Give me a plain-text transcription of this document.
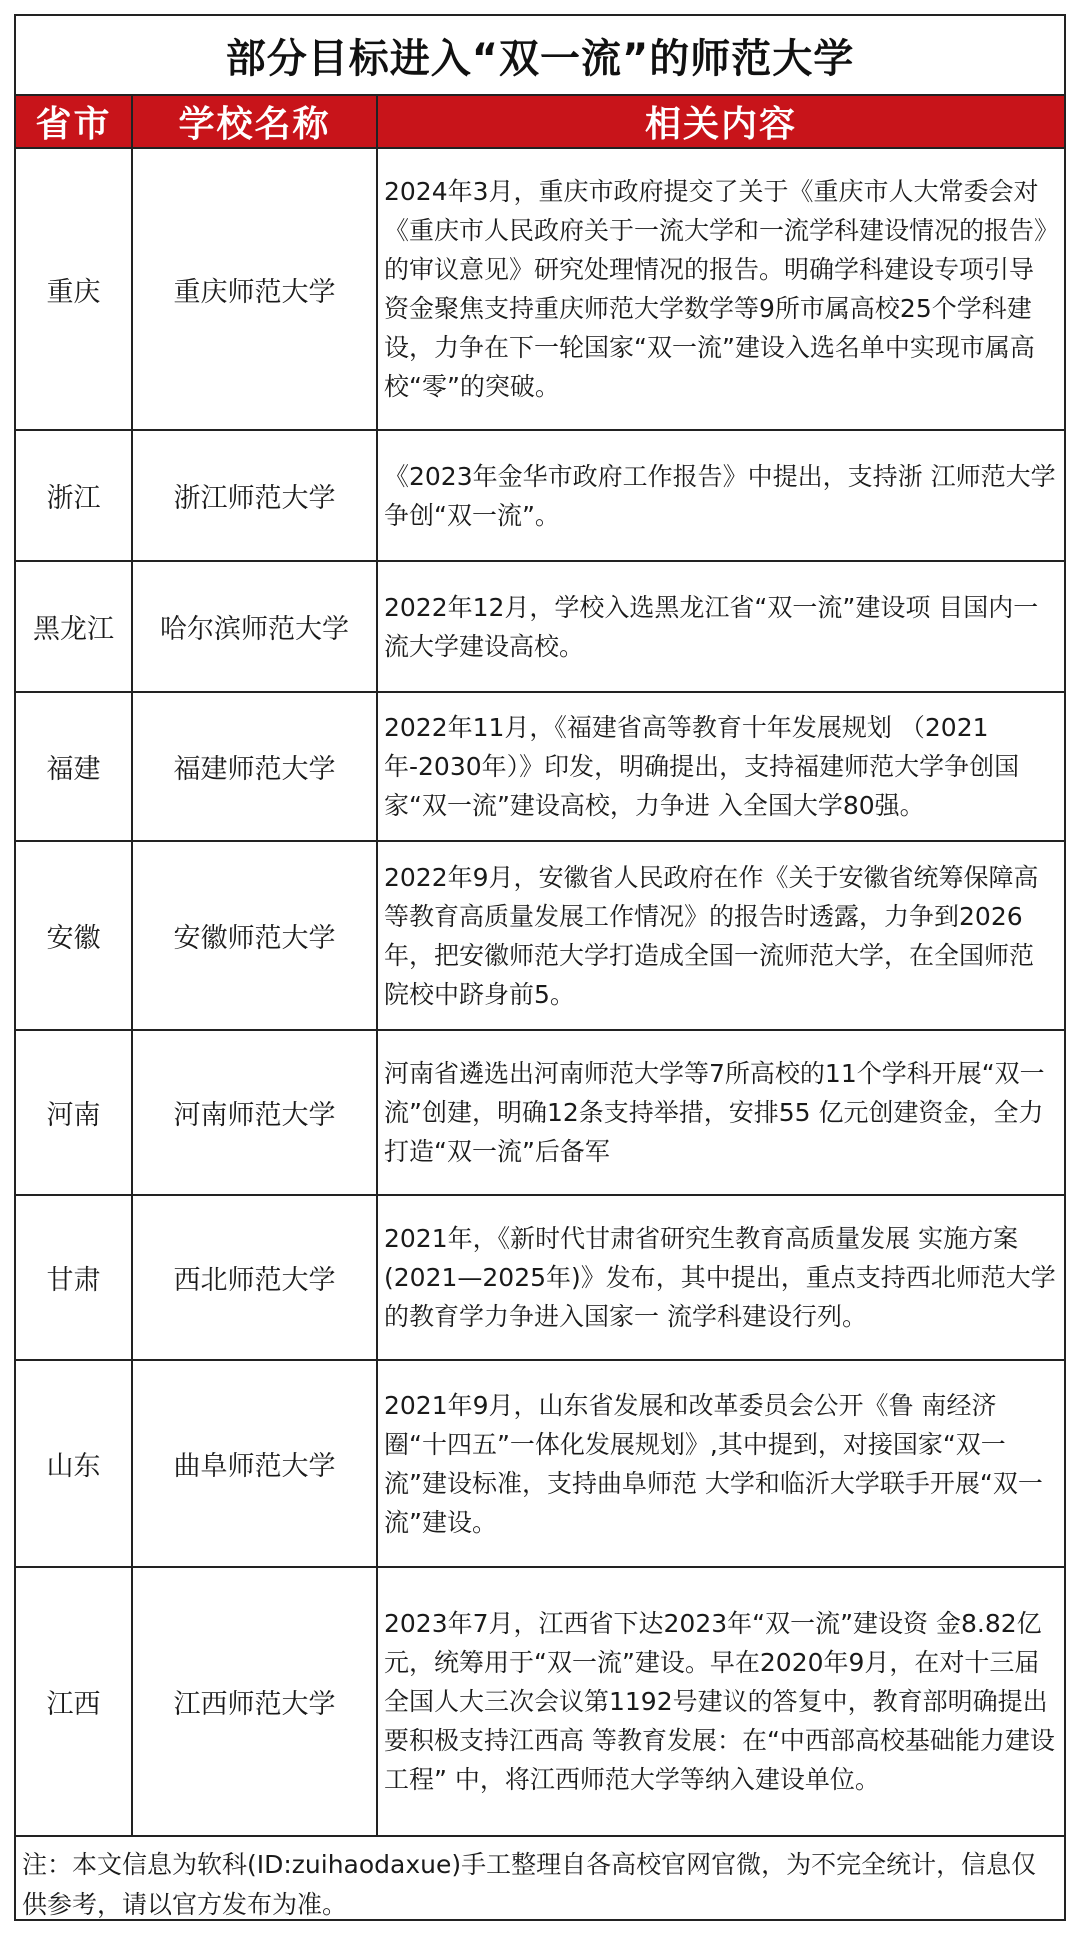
部分目标进入“双一流”的师范大学
省市	学校名称	相关内容
重庆	重庆师范大学	2024年3月，重庆市政府提交了关于《重庆市人大常委会对《重庆市人民政府关于一流大学和一流学科建设情况的报告》的审议意见》研究处理情况的报告。明确学科建设专项引导资金聚焦支持重庆师范大学数学等9所市属高校25个学科建设，力争在下一轮国家“双一流”建设入选名单中实现市属高校“零”的突破。
浙江	浙江师范大学	《2023年金华市政府工作报告》中提出，支持浙 江师范大学争创“双一流”。
黑龙江	哈尔滨师范大学	2022年12月，学校入选黑龙江省“双一流”建设项 目国内一流大学建设高校。
福建	福建师范大学	2022年11月，《福建省高等教育十年发展规划 （2021年-2030年）》印发，明确提出，支持福建师范大学争创国家“双一流”建设高校，力争进 入全国大学80强。
安徽	安徽师范大学	2022年9月，安徽省人民政府在作《关于安徽省统筹保障高等教育高质量发展工作情况》的报告时透露，力争到2026年，把安徽师范大学打造成全国一流师范大学，在全国师范院校中跻身前5。
河南	河南师范大学	河南省遴选出河南师范大学等7所高校的11个学科开展“双一流”创建，明确12条支持举措，安排55 亿元创建资金，全力打造“双一流”后备军
甘肃	西北师范大学	2021年，《新时代甘肃省研究生教育高质量发展 实施方案(2021—2025年)》发布，其中提出，重点支持西北师范大学的教育学力争进入国家一 流学科建设行列。
山东	曲阜师范大学	2021年9月，山东省发展和改革委员会公开《鲁 南经济圈“十四五”一体化发展规划》,其中提到，对接国家“双一流”建设标准，支持曲阜师范 大学和临沂大学联手开展“双一流”建设。
江西	江西师范大学	2023年7月，江西省下达2023年“双一流”建设资 金8.82亿元，统筹用于“双一流”建设。早在2020年9月，在对十三届全国人大三次会议第1192号建议的答复中，教育部明确提出要积极支持江西高 等教育发展：在“中西部高校基础能力建设工程” 中，将江西师范大学等纳入建设单位。
注：本文信息为软科(ID:zuihaodaxue)手工整理自各高校官网官微，为不完全统计，信息仅供参考，请以官方发布为准。
